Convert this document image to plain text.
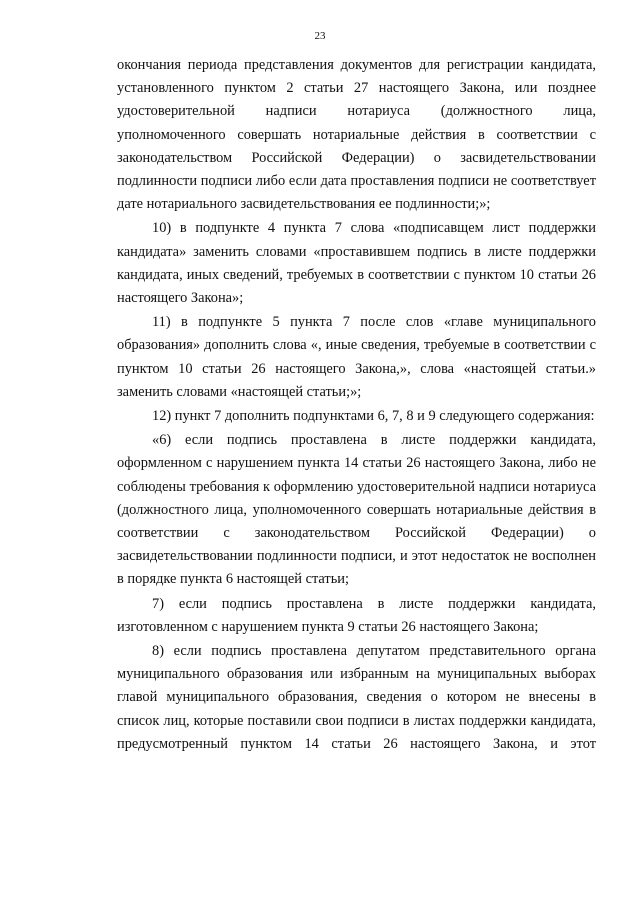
23

окончания периода представления документов для регистрации кандидата, установленного пунктом 2 статьи 27 настоящего Закона, или позднее удостоверительной надписи нотариуса (должностного лица, уполномоченного совершать нотариальные действия в соответствии с законодательством Российской Федерации) о засвидетельствовании подлинности подписи либо если дата проставления подписи не соответствует дате нотариального засвидетельствования ее подлинности;»;

10) в подпункте 4 пункта 7 слова «подписавщем лист поддержки кандидата» заменить словами «проставившем подпись в листе поддержки кандидата, иных сведений, требуемых в соответствии с пунктом 10 статьи 26 настоящего Закона»;

11) в подпункте 5 пункта 7 после слов «главе муниципального образования» дополнить слова «, иные сведения, требуемые в соответствии с пунктом 10 статьи 26 настоящего Закона,», слова «настоящей статьи.» заменить словами «настоящей статьи;»;

12) пункт 7 дополнить подпунктами 6, 7, 8 и 9 следующего содержания:

«6) если подпись проставлена в листе поддержки кандидата, оформленном с нарушением пункта 14 статьи 26 настоящего Закона, либо не соблюдены требования к оформлению удостоверительной надписи нотариуса (должностного лица, уполномоченного совершать нотариальные действия в соответствии с законодательством Российской Федерации) о засвидетельствовании подлинности подписи, и этот недостаток не восполнен в порядке пункта 6 настоящей статьи;

7) если подпись проставлена в листе поддержки кандидата, изготовленном с нарушением пункта 9 статьи 26 настоящего Закона;

8) если подпись проставлена депутатом представительного органа муниципального образования или избранным на муниципальных выборах главой муниципального образования, сведения о котором не внесены в список лиц, которые поставили свои подписи в листах поддержки кандидата, предусмотренный пунктом 14 статьи 26 настоящего Закона, и этот
